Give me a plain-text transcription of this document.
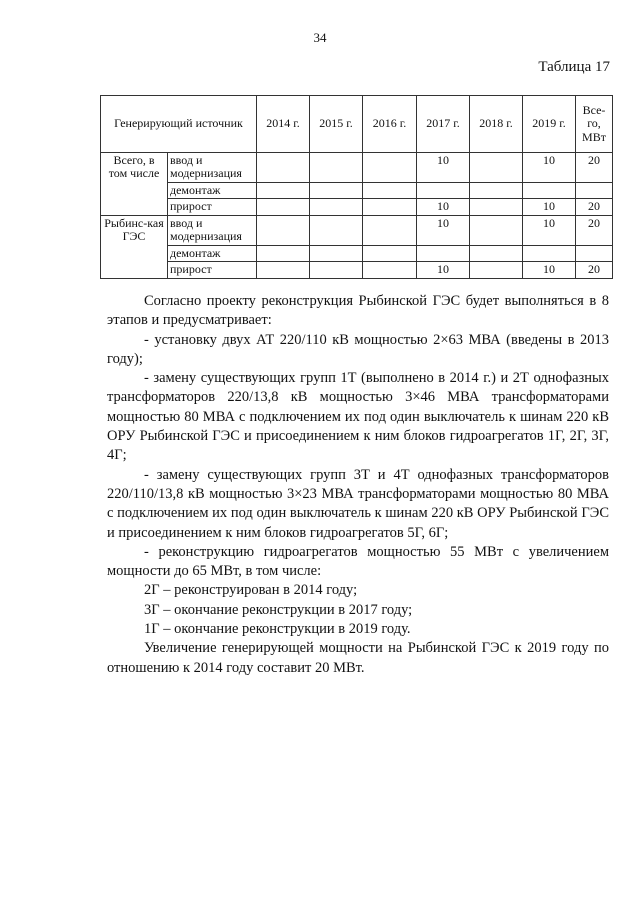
34
Таблица 17
Генерирующий источник		2014 г.	2015 г.	2016 г.	2017 г.	2018 г.	2019 г.	Все-го, МВт
Всего, в том числе	ввод и модернизация				10		10	20
	демонтаж							
	прирост				10		10	20
Рыбинс-кая ГЭС	ввод и модернизация				10		10	20
	демонтаж							
	прирост				10		10	20

Согласно проекту реконструкция Рыбинской ГЭС будет выполняться в 8 этапов и предусматривает:

- установку двух АТ 220/110 кВ мощностью 2×63 МВА (введены в 2013 году);

- замену существующих групп 1Т (выполнено в 2014 г.) и 2Т однофазных трансформаторов 220/13,8 кВ мощностью 3×46 МВА трансформаторами мощностью 80 МВА с подключением их под один выключатель к шинам 220 кВ ОРУ Рыбинской ГЭС и присоединением к ним блоков гидроагрегатов 1Г, 2Г, 3Г, 4Г;

- замену существующих групп 3Т и 4Т однофазных трансформаторов 220/110/13,8 кВ мощностью 3×23 МВА трансформаторами мощностью 80 МВА с подключением их под один выключатель к шинам 220 кВ ОРУ Рыбинской ГЭС и присоединением к ним блоков гидроагрегатов 5Г, 6Г;

- реконструкцию гидроагрегатов мощностью 55 МВт с увеличением мощности до 65 МВт, в том числе:

2Г – реконструирован в 2014 году;

3Г – окончание реконструкции в 2017 году;

1Г – окончание реконструкции в 2019 году.

Увеличение генерирующей мощности на Рыбинской ГЭС к 2019 году по отношению к 2014 году составит 20 МВт.
